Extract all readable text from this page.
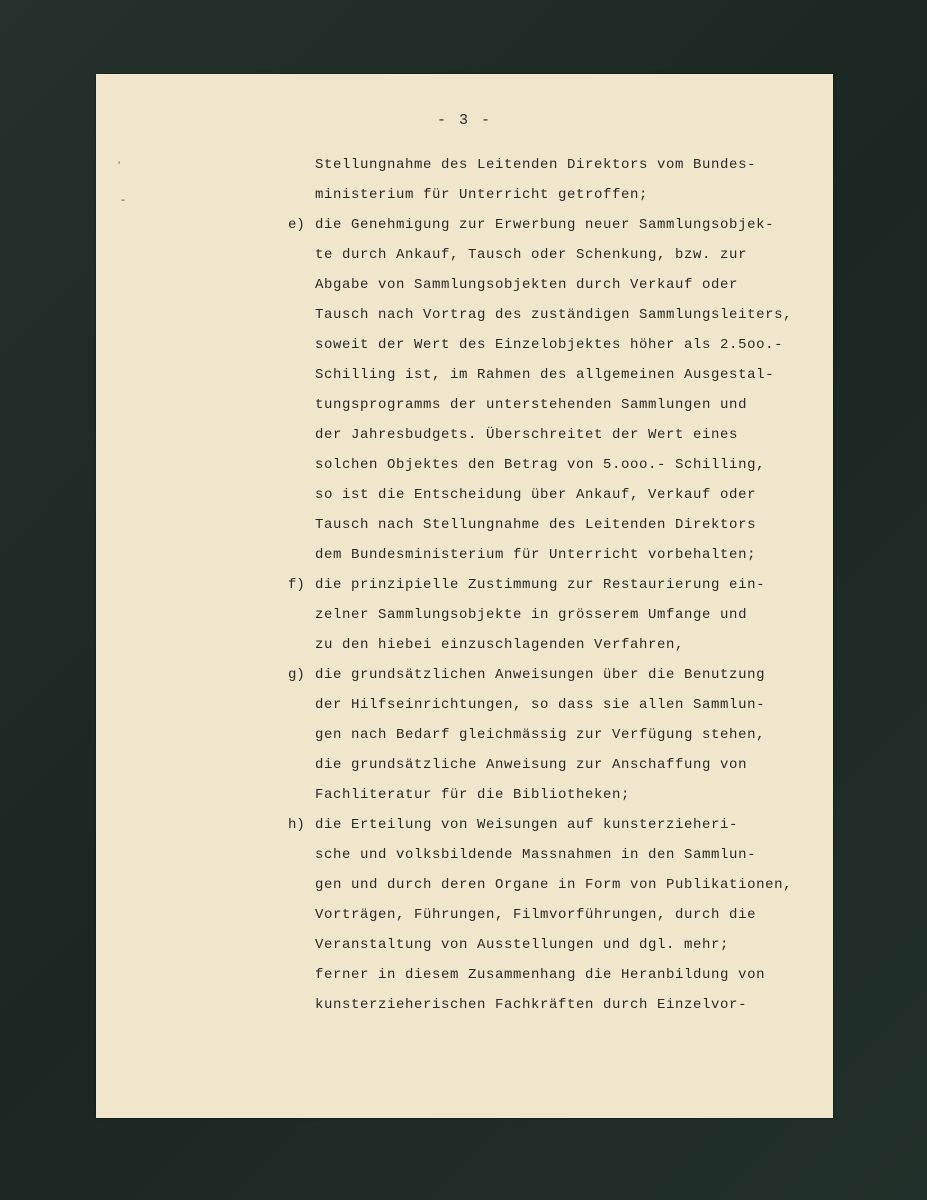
- 3 -
Stellungnahme des Leitenden Direktors vom Bundes-
ministerium für Unterricht getroffen;
e) die Genehmigung zur Erwerbung neuer Sammlungsobjek-
te durch Ankauf, Tausch oder Schenkung, bzw. zur
Abgabe von Sammlungsobjekten durch Verkauf oder
Tausch nach Vortrag des zuständigen Sammlungsleiters,
soweit der Wert des Einzelobjektes höher als 2.5oo.-
Schilling ist, im Rahmen des allgemeinen Ausgestal-
tungsprogramms der unterstehenden Sammlungen und
der Jahresbudgets. Überschreitet der Wert eines
solchen Objektes den Betrag von 5.ooo.- Schilling,
so ist die Entscheidung über Ankauf, Verkauf oder
Tausch nach Stellungnahme des Leitenden Direktors
dem Bundesministerium für Unterricht vorbehalten;
f) die prinzipielle Zustimmung zur Restaurierung ein-
zelner Sammlungsobjekte in grösserem Umfange und
zu den hiebei einzuschlagenden Verfahren,
g) die grundsätzlichen Anweisungen über die Benutzung
der Hilfseinrichtungen, so dass sie allen Sammlun-
gen nach Bedarf gleichmässig zur Verfügung stehen,
die grundsätzliche Anweisung zur Anschaffung von
Fachliteratur für die Bibliotheken;
h) die Erteilung von Weisungen auf kunsterzieheri-
sche und volksbildende Massnahmen in den Sammlun-
gen und durch deren Organe in Form von Publikationen,
Vorträgen, Führungen, Filmvorführungen, durch die
Veranstaltung von Ausstellungen und dgl. mehr;
ferner in diesem Zusammenhang die Heranbildung von
kunsterzieherischen Fachkräften durch Einzelvor-
ʼ
-
